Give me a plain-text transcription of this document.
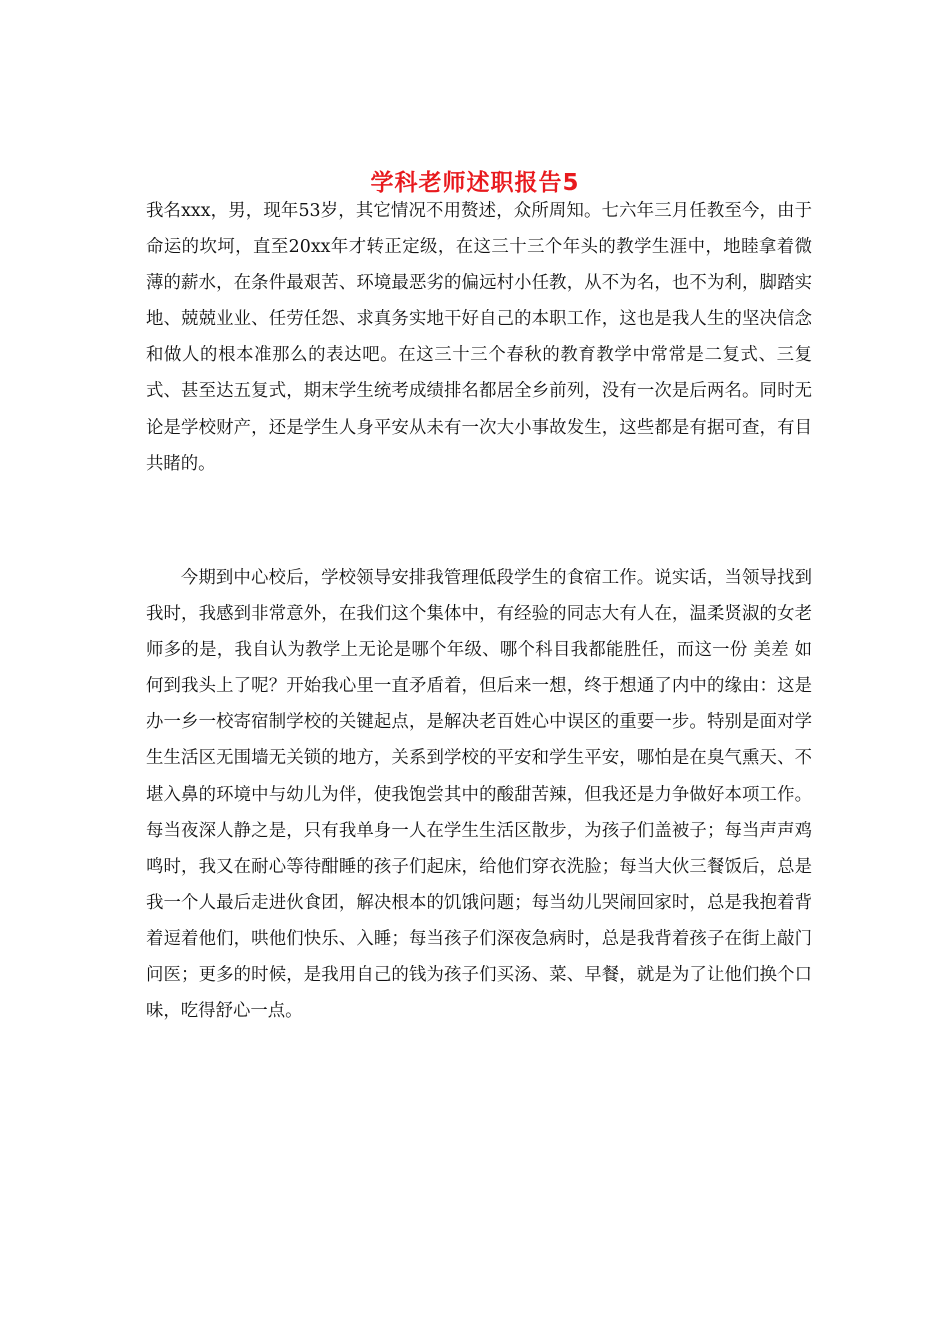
学科老师述职报告5

我名xxx，男，现年53岁，其它情况不用赘述，众所周知。七六年三月任教至今，由于命运的坎坷，直至20xx年才转正定级，在这三十三个年头的教学生涯中，地睦拿着微薄的薪水，在条件最艰苦、环境最恶劣的偏远村小任教，从不为名，也不为利，脚踏实地、兢兢业业、任劳任怨、求真务实地干好自己的本职工作，这也是我人生的坚决信念和做人的根本准那么的表达吧。在这三十三个春秋的教育教学中常常是二复式、三复式、甚至达五复式，期末学生统考成绩排名都居全乡前列，没有一次是后两名。同时无论是学校财产，还是学生人身平安从未有一次大小事故发生，这些都是有据可查，有目共睹的。

今期到中心校后，学校领导安排我管理低段学生的食宿工作。说实话，当领导找到我时，我感到非常意外，在我们这个集体中，有经验的同志大有人在，温柔贤淑的女老师多的是，我自认为教学上无论是哪个年级、哪个科目我都能胜任，而这一份 美差 如何到我头上了呢？开始我心里一直矛盾着，但后来一想，终于想通了内中的缘由：这是办一乡一校寄宿制学校的关键起点，是解决老百姓心中误区的重要一步。特别是面对学生生活区无围墙无关锁的地方，关系到学校的平安和学生平安，哪怕是在臭气熏天、不堪入鼻的环境中与幼儿为伴，使我饱尝其中的酸甜苦辣，但我还是力争做好本项工作。每当夜深人静之是，只有我单身一人在学生生活区散步，为孩子们盖被子；每当声声鸡鸣时，我又在耐心等待酣睡的孩子们起床，给他们穿衣洗脸；每当大伙三餐饭后，总是我一个人最后走进伙食团，解决根本的饥饿问题；每当幼儿哭闹回家时，总是我抱着背着逗着他们，哄他们快乐、入睡；每当孩子们深夜急病时，总是我背着孩子在街上敲门问医；更多的时候，是我用自己的钱为孩子们买汤、菜、早餐，就是为了让他们换个口味，吃得舒心一点。
